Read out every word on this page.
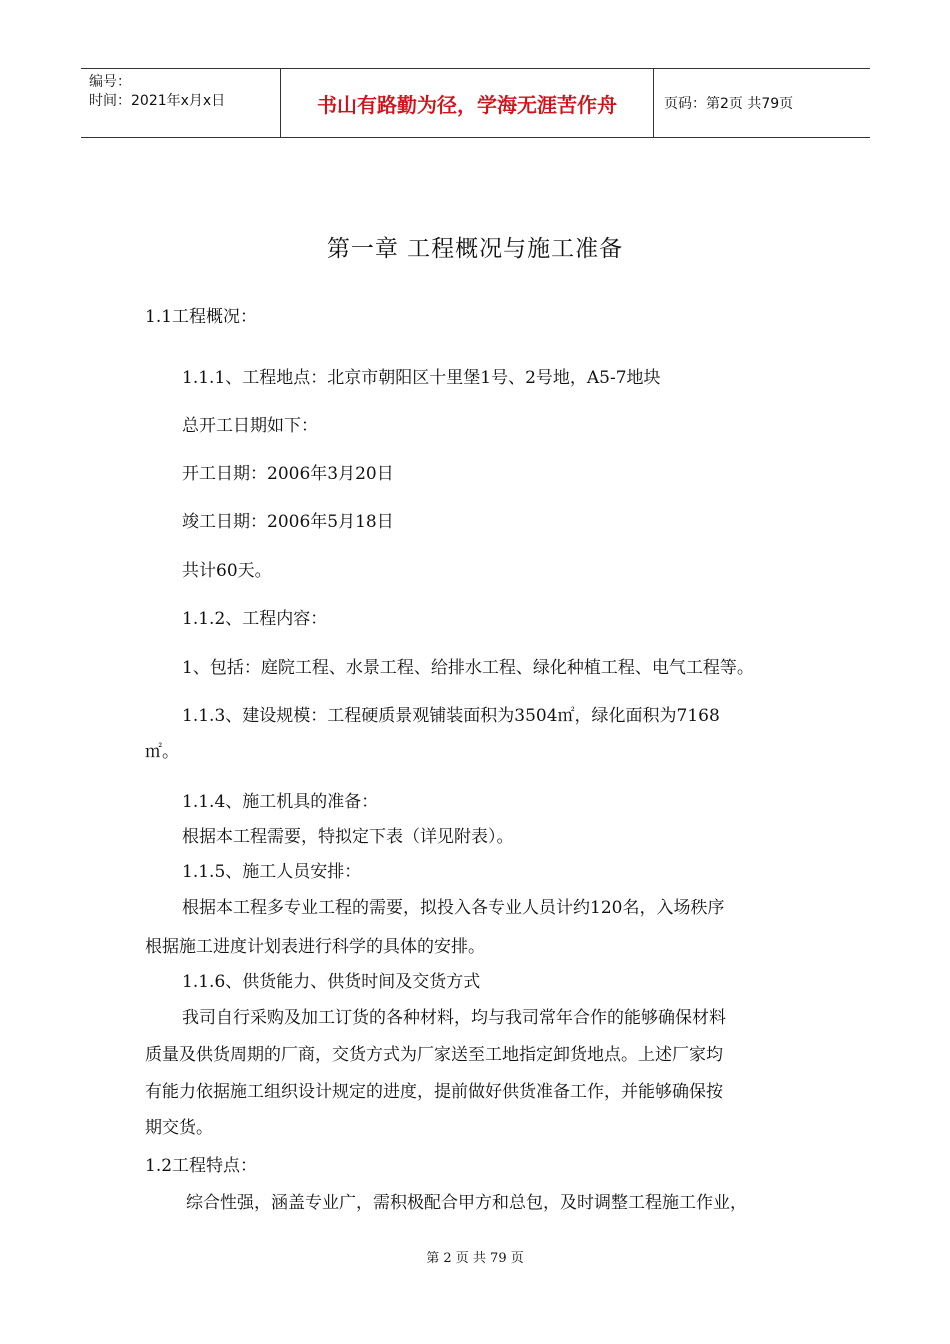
编号：
时间：2021年x月x日	书山有路勤为径，学海无涯苦作舟	页码：第2页 共79页
第一章 工程概况与施工准备
1.1工程概况：
1.1.1、工程地点：北京市朝阳区十里堡1号、2号地，A5-7地块
总开工日期如下：
开工日期：2006年3月20日
竣工日期：2006年5月18日
共计60天。
1.1.2、工程内容：
1、包括：庭院工程、水景工程、给排水工程、绿化种植工程、电气工程等。
1.1.3、建设规模：工程硬质景观铺装面积为3504㎡，绿化面积为7168
㎡。
1.1.4、施工机具的准备：
根据本工程需要，特拟定下表（详见附表）。
1.1.5、施工人员安排：
根据本工程多专业工程的需要，拟投入各专业人员计约120名，入场秩序
根据施工进度计划表进行科学的具体的安排。
1.1.6、供货能力、供货时间及交货方式
我司自行采购及加工订货的各种材料，均与我司常年合作的能够确保材料
质量及供货周期的厂商，交货方式为厂家送至工地指定卸货地点。上述厂家均
有能力依据施工组织设计规定的进度，提前做好供货准备工作，并能够确保按
期交货。
1.2工程特点：
综合性强，涵盖专业广，需积极配合甲方和总包，及时调整工程施工作业，
第 2 页 共 79 页
